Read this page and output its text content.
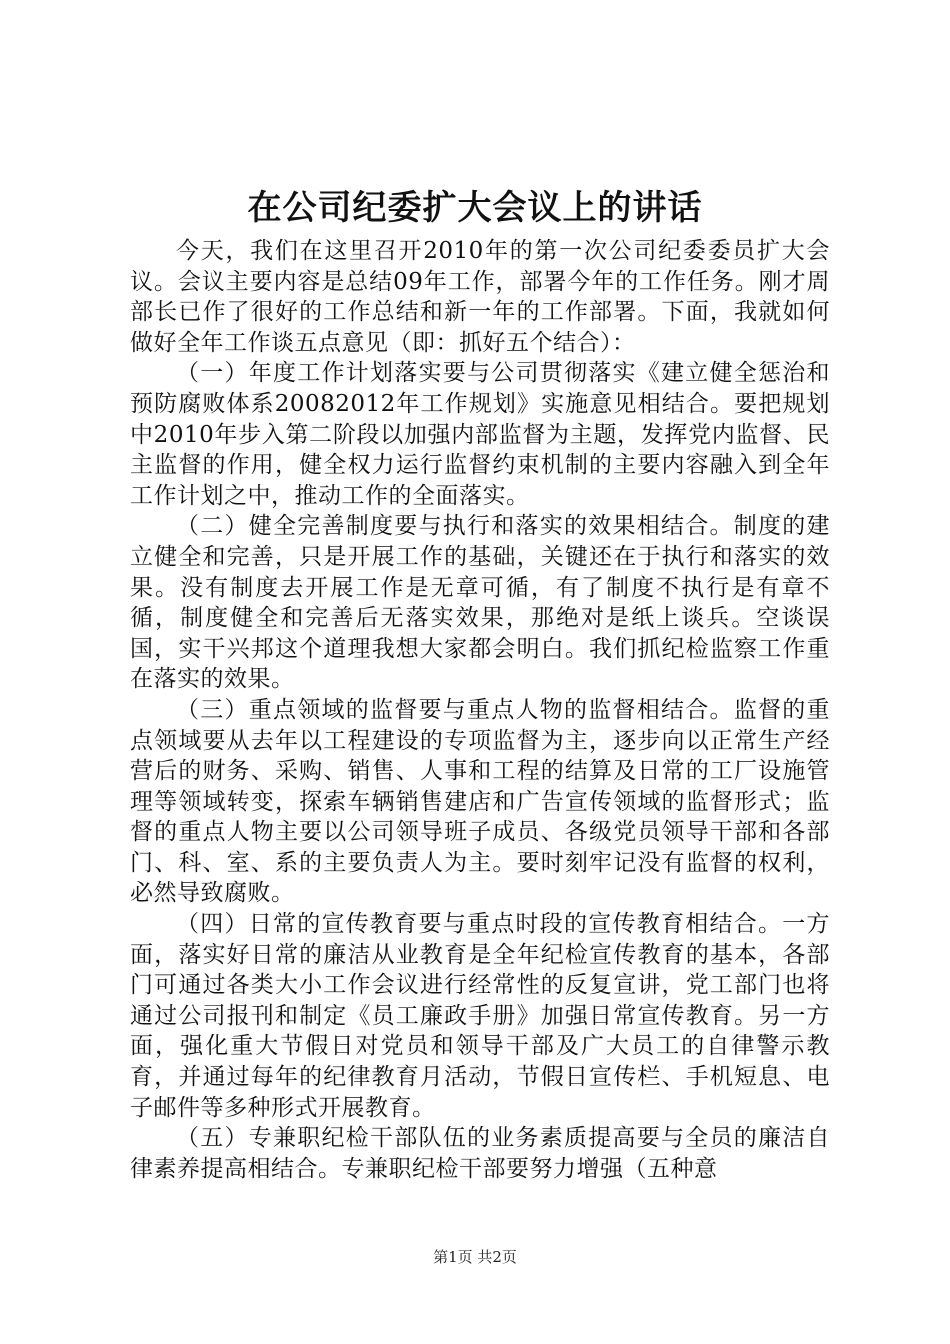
在公司纪委扩大会议上的讲话

今天，我们在这里召开2010年的第一次公司纪委委员扩大会议。会议主要内容是总结09年工作，部署今年的工作任务。刚才周部长已作了很好的工作总结和新一年的工作部署。下面，我就如何做好全年工作谈五点意见（即：抓好五个结合）：

（一）年度工作计划落实要与公司贯彻落实《建立健全惩治和预防腐败体系20082012年工作规划》实施意见相结合。要把规划中2010年步入第二阶段以加强内部监督为主题，发挥党内监督、民主监督的作用，健全权力运行监督约束机制的主要内容融入到全年工作计划之中，推动工作的全面落实。

（二）健全完善制度要与执行和落实的效果相结合。制度的建立健全和完善，只是开展工作的基础，关键还在于执行和落实的效果。没有制度去开展工作是无章可循，有了制度不执行是有章不循，制度健全和完善后无落实效果，那绝对是纸上谈兵。空谈误国，实干兴邦这个道理我想大家都会明白。我们抓纪检监察工作重在落实的效果。

（三）重点领域的监督要与重点人物的监督相结合。监督的重点领域要从去年以工程建设的专项监督为主，逐步向以正常生产经营后的财务、采购、销售、人事和工程的结算及日常的工厂设施管理等领域转变，探索车辆销售建店和广告宣传领域的监督形式；监督的重点人物主要以公司领导班子成员、各级党员领导干部和各部门、科、室、系的主要负责人为主。要时刻牢记没有监督的权利，必然导致腐败。

（四）日常的宣传教育要与重点时段的宣传教育相结合。一方面，落实好日常的廉洁从业教育是全年纪检宣传教育的基本，各部门可通过各类大小工作会议进行经常性的反复宣讲，党工部门也将通过公司报刊和制定《员工廉政手册》加强日常宣传教育。另一方面，强化重大节假日对党员和领导干部及广大员工的自律警示教育，并通过每年的纪律教育月活动，节假日宣传栏、手机短息、电子邮件等多种形式开展教育。

（五）专兼职纪检干部队伍的业务素质提高要与全员的廉洁自律素养提高相结合。专兼职纪检干部要努力增强（五种意

第1页 共2页
